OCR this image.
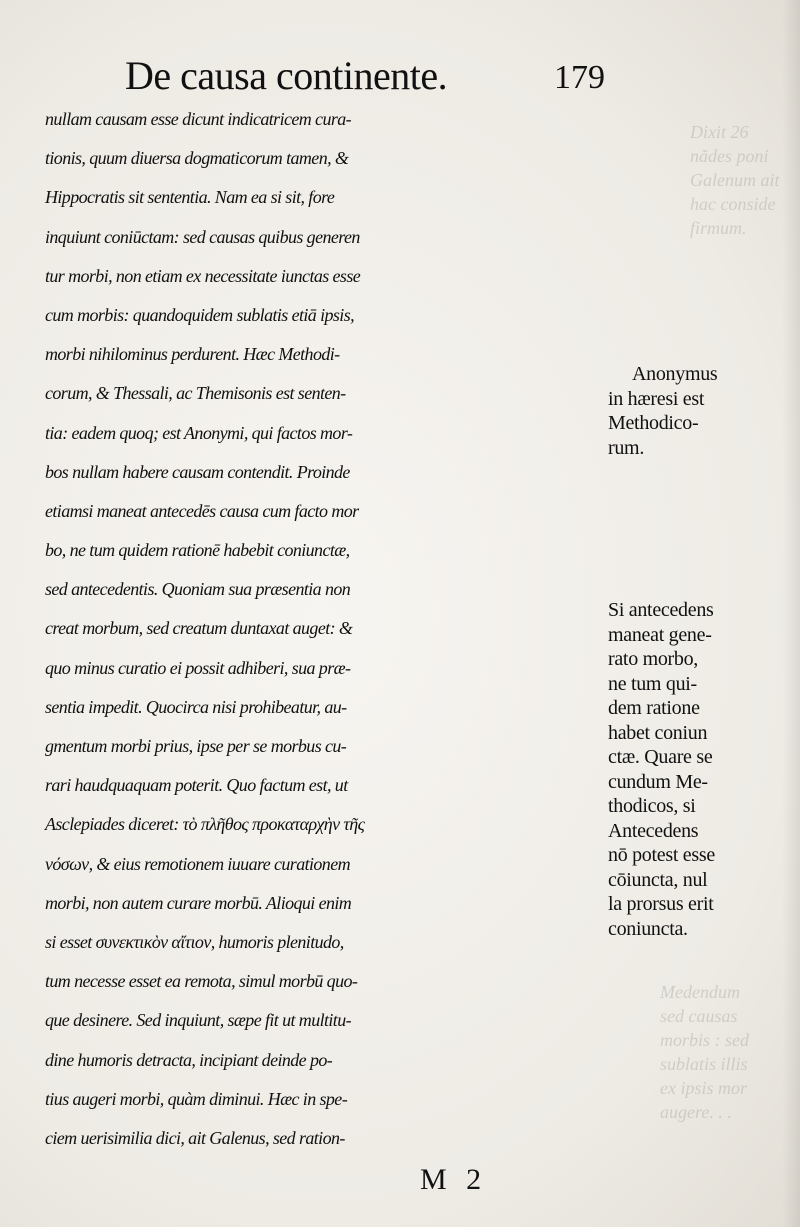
Dixit 26
nãdes poni
Galenum ait
hac conside
firmum.
Medendum
sed causas
morbis : sed
sublatis illis
ex ipsis mor
augere. . .
De causa continente.	179
nullam causam esse dicunt indicatricem cura-
tionis, quum diuersa dogmaticorum tamen, &
Hippocratis sit sententia. Nam ea si sit, fore
inquiunt coniūctam: sed causas quibus generen
tur morbi, non etiam ex necessitate iunctas esse
cum morbis: quandoquidem sublatis etiā ipsis,
morbi nihilominus perdurent. Hæc Methodi-
corum, & Thessali, ac Themisonis est senten-
tia: eadem quoq; est Anonymi, qui factos mor-
bos nullam habere causam contendit. Proinde
etiamsi maneat antecedēs causa cum facto mor
bo, ne tum quidem rationē habebit coniunctæ,
sed antecedentis. Quoniam sua præsentia non
creat morbum, sed creatum duntaxat auget: &
quo minus curatio ei possit adhiberi, sua præ-
sentia impedit. Quocirca nisi prohibeatur, au-
gmentum morbi prius, ipse per se morbus cu-
rari haudquaquam poterit. Quo factum est, ut
Asclepiades diceret: τὸ πλῆθος προκαταρχὴν τῆς
νόσων, & eius remotionem iuuare curationem
morbi, non autem curare morbū. Alioqui enim
si esset συνεκτικὸν αἴτιον, humoris plenitudo,
tum necesse esset ea remota, simul morbū quo-
que desinere. Sed inquiunt, sæpe fit ut multitu-
dine humoris detracta, incipiant deinde po-
tius augeri morbi, quàm diminui. Hæc in spe-
ciem uerisimilia dici, ait Galenus, sed ration-
Anonymus
in hæresi est
Methodico-
rum.
Si antecedens
maneat gene-
rato morbo,
ne tum qui-
dem ratione
habet coniun
ctæ. Quare se
cundum Me-
thodicos, si
Antecedens
nō potest esse
cōiuncta, nul
la prorsus erit
coniuncta.
M 2
